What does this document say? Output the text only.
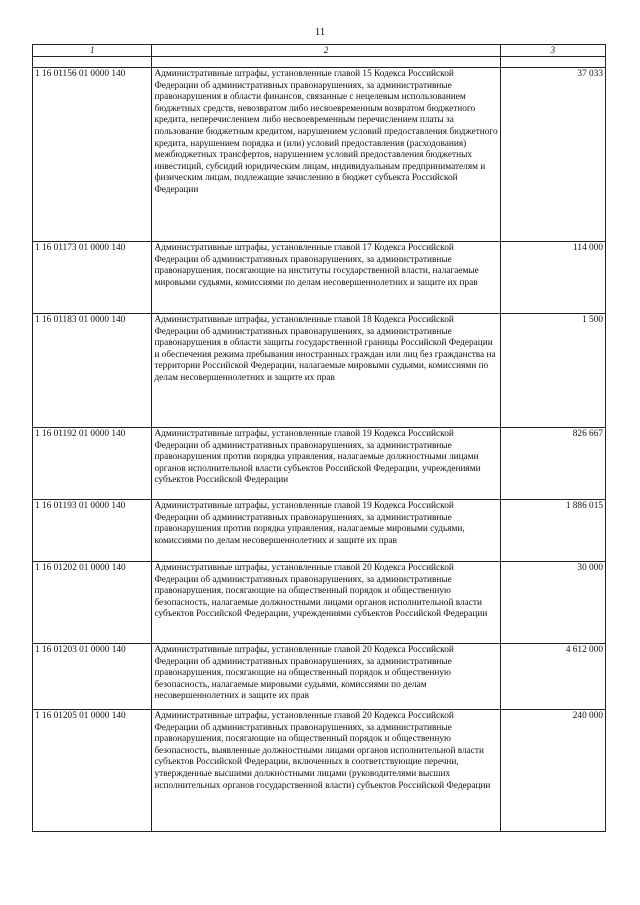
11
1	2	3

1 16 01156 01 0000 140	Административные штрафы, установленные главой 15 Кодекса Российской Федерации об административных правонарушениях, за административные правонарушения в области финансов, связанные с нецелевым использованием бюджетных средств, невозвратом либо несвоевременным возвратом бюджетного кредита, неперечислением либо несвоевременным перечислением платы за пользование бюджетным кредитом, нарушением условий предоставления бюджетного кредита, нарушением порядка и (или) условий предоставления (расходования) межбюджетных трансфертов, нарушением условий предоставления бюджетных инвестиций, субсидий юридическим лицам, индивидуальным предпринимателям и физическим лицам, подлежащие зачислению в бюджет субъекта Российской Федерации	37 033
1 16 01173 01 0000 140	Административные штрафы, установленные главой 17 Кодекса Российской Федерации об административных правонарушениях, за административные правонарушения, посягающие на институты государственной власти, налагаемые мировыми судьями, комиссиями по делам несовершеннолетних и защите их прав	114 000
1 16 01183 01 0000 140	Административные штрафы, установленные главой 18 Кодекса Российской Федерации об административных правонарушениях, за административные правонарушения в области защиты государственной границы Российской Федерации и обеспечения режима пребывания иностранных граждан или лиц без гражданства на территории Российской Федерации, налагаемые мировыми судьями, комиссиями по делам несовершеннолетних и защите их прав	1 500
1 16 01192 01 0000 140	Административные штрафы, установленные главой 19 Кодекса Российской Федерации об административных правонарушениях, за административные правонарушения против порядка управления, налагаемые должностными лицами органов исполнительной власти субъектов Российской Федерации, учреждениями субъектов Российской Федерации	826 667
1 16 01193 01 0000 140	Административные штрафы, установленные главой 19 Кодекса Российской Федерации об административных правонарушениях, за административные правонарушения против порядка управления, налагаемые мировыми судьями, комиссиями по делам несовершеннолетних и защите их прав	1 886 015
1 16 01202 01 0000 140	Административные штрафы, установленные главой 20 Кодекса Российской Федерации об административных правонарушениях, за административные правонарушения, посягающие на общественный порядок и общественную безопасность, налагаемые должностными лицами органов исполнительной власти субъектов Российской Федерации, учреждениями субъектов Российской Федерации	30 000
1 16 01203 01 0000 140	Административные штрафы, установленные главой 20 Кодекса Российской Федерации об административных правонарушениях, за административные правонарушения, посягающие на общественный порядок и общественную безопасность, налагаемые мировыми судьями, комиссиями по делам несовершеннолетних и защите их прав	4 612 000
1 16 01205 01 0000 140	Административные штрафы, установленные главой 20 Кодекса Российской Федерации об административных правонарушениях, за административные правонарушения, посягающие на общественный порядок и общественную безопасность, выявленные должностными лицами органов исполнительной власти субъектов Российской Федерации, включенных в соответствующие перечни, утвержденные высшими должностными лицами (руководителями высших исполнительных органов государственной власти) субъектов Российской Федерации	240 000
